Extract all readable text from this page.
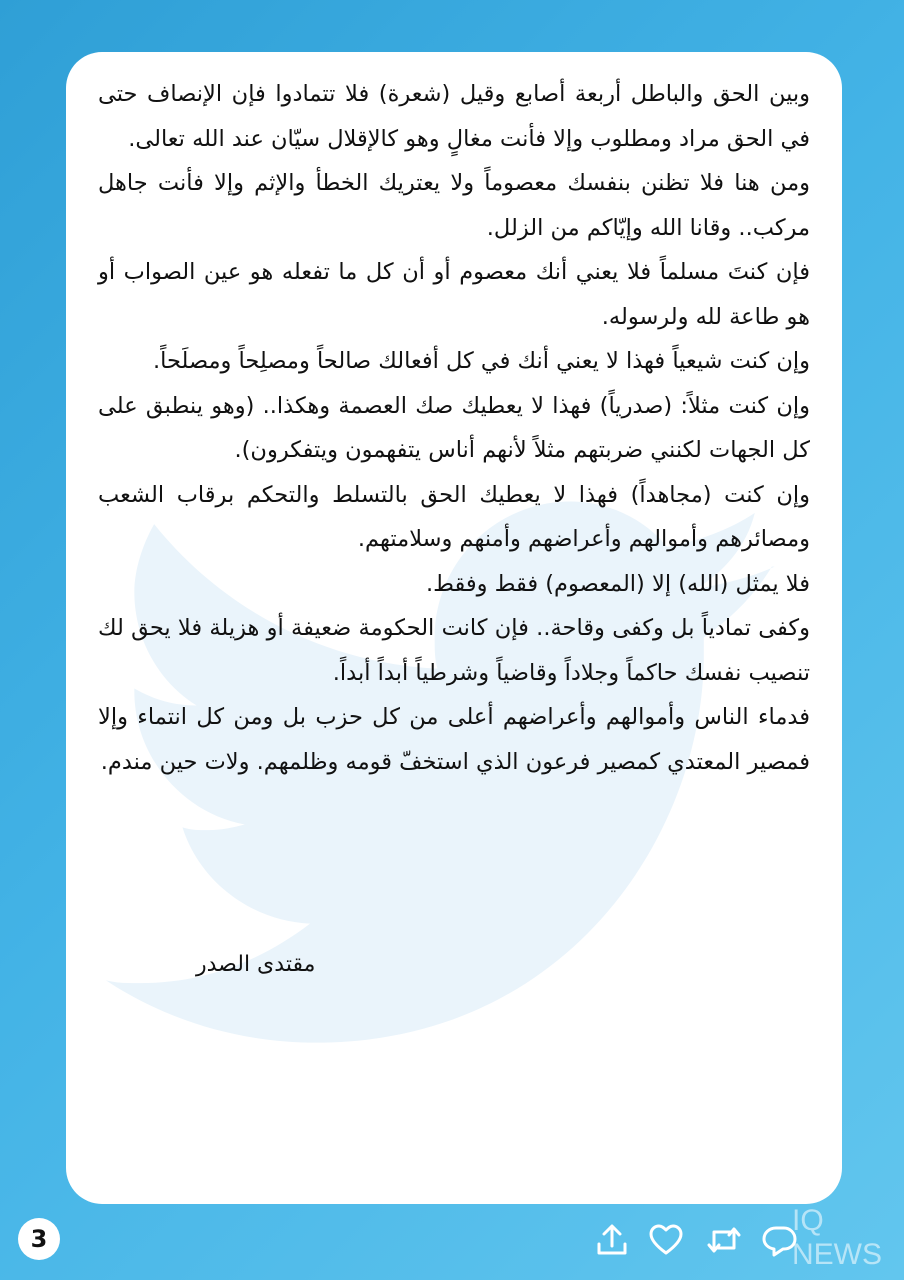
وبين الحق والباطل أربعة أصابع وقيل (شعرة) فلا تتمادوا فإن الإنصاف حتى في الحق مراد ومطلوب وإلا فأنت مغالٍ وهو كالإقلال سيّان عند الله تعالى.

ومن هنا فلا تظنن بنفسك معصوماً ولا يعتريك الخطأ والإثم وإلا فأنت جاهل مركب.. وقانا الله وإيّاكم من الزلل.

فإن كنتَ مسلماً فلا يعني أنك معصوم أو أن كل ما تفعله هو عين الصواب أو هو طاعة لله ولرسوله.

وإن كنت شيعياً فهذا لا يعني أنك في كل أفعالك صالحاً ومصلِحاً ومصلَحاً.

وإن كنت مثلاً: (صدرياً) فهذا لا يعطيك صك العصمة وهكذا.. (وهو ينطبق على كل الجهات لكنني ضربتهم مثلاً لأنهم أناس يتفهمون ويتفكرون).

وإن كنت (مجاهداً) فهذا لا يعطيك الحق بالتسلط والتحكم برقاب الشعب ومصائرهم وأموالهم وأعراضهم وأمنهم وسلامتهم.

فلا يمثل (الله) إلا (المعصوم) فقط وفقط.

وكفى تمادياً بل وكفى وقاحة.. فإن كانت الحكومة ضعيفة أو هزيلة فلا يحق لك تنصيب نفسك حاكماً وجلاداً وقاضياً وشرطياً أبداً أبداً.

فدماء الناس وأموالهم وأعراضهم أعلى من كل حزب بل ومن كل انتماء وإلا فمصير المعتدي كمصير فرعون الذي استخفّ قومه وظلمهم. ولات حين مندم.

مقتدى الصدر
3
IQ NEWS
